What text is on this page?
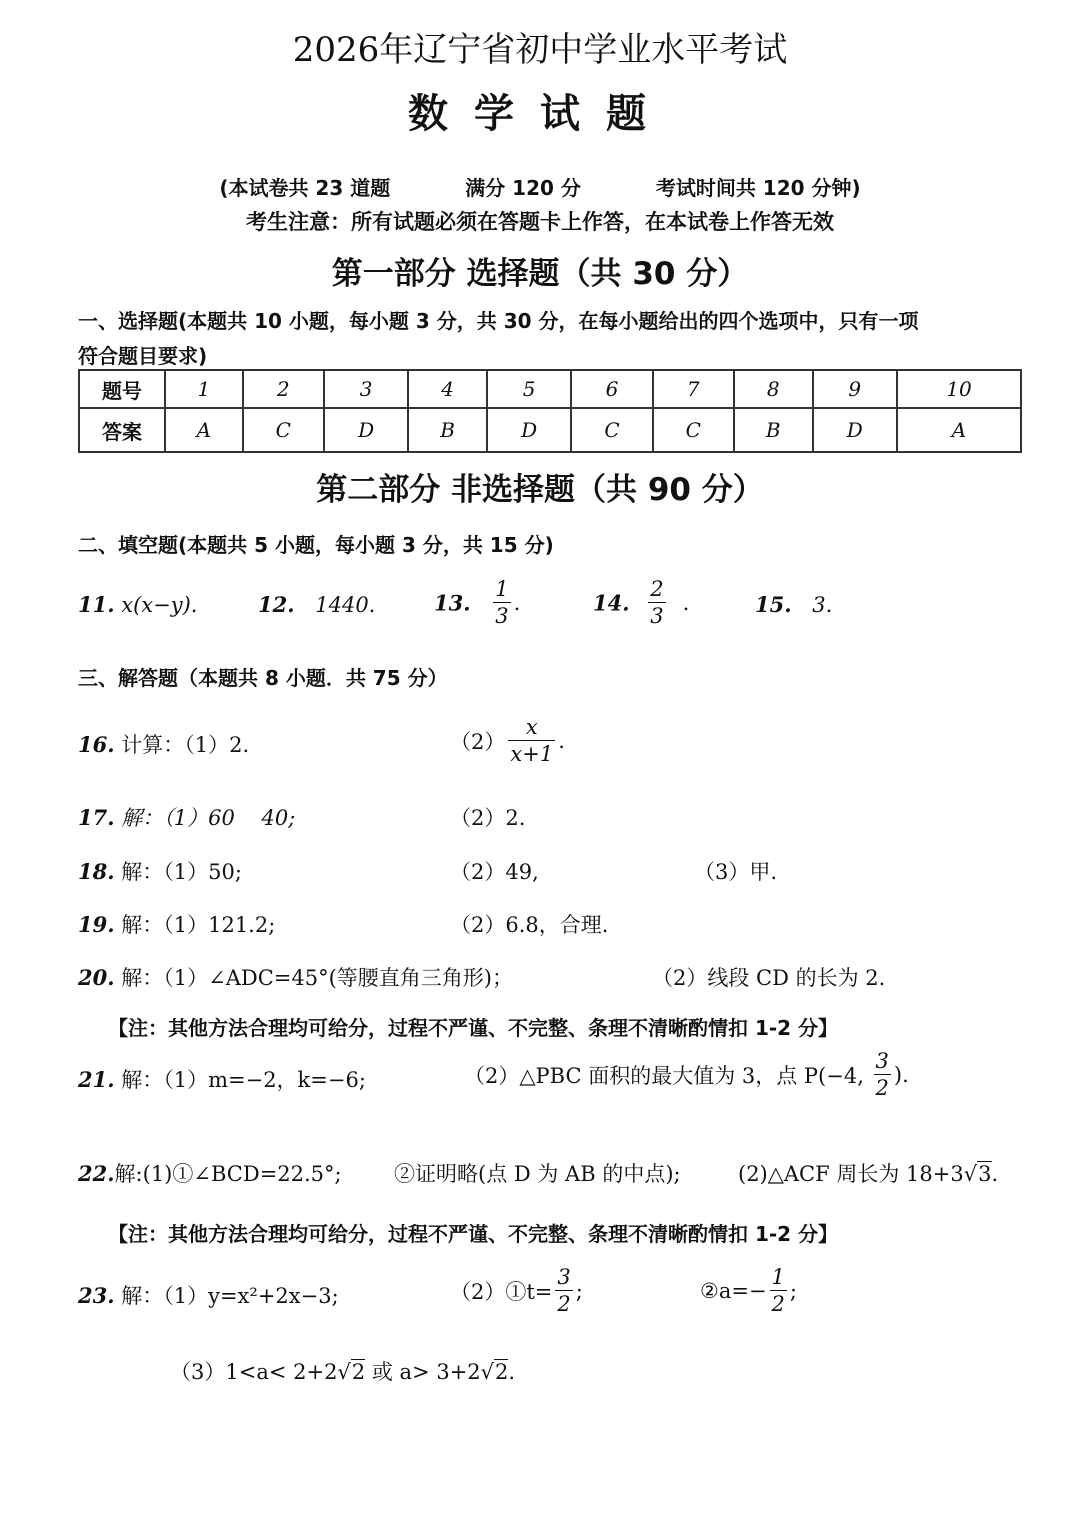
2026年辽宁省初中学业水平考试
数学试题
(本试卷共 23 道题	满分 120 分	考试时间共 120 分钟)
考生注意：所有试题必须在答题卡上作答，在本试卷上作答无效
第一部分 选择题（共 30 分）
一、选择题(本题共 10 小题，每小题 3 分，共 30 分，在每小题给出的四个选项中，只有一项
符合题目要求)
题号	1	2	3	4	5	6	7	8	9	10
答案	A	C	D	B	D	C	C	B	D	A
第二部分 非选择题（共 90 分）
二、填空题(本题共 5 小题，每小题 3 分，共 15 分)
11. x(x−y).	12. 1440.	13. $\frac{1}{3}$ .	14. $\frac{2}{3}$ .	15. 3.
三、解答题（本题共 8 小题．共 75 分）
16. 计算：（1）2.	$(2) \frac{x}{x+1}$ .
17. 解：（1）60    40;	（2）2.
18. 解：（1）50;	（2）49,	（3）甲.
19. 解：（1）121.2;	（2）6.8，合理.
20. 解：（1）∠ADC=45°(等腰直角三角形)；	（2）线段 CD 的长为 2.
【注：其他方法合理均可给分，过程不严谨、不完整、条理不清晰酌情扣 1-2 分】
21. 解：（1）m=−2，k=−6;	（2）△PBC 面积的最大值为 3，点 P(−4, $\frac{3}{2}$ ).
22.解:(1)①∠BCD=22.5°; ②证明略(点 D 为 AB 的中点);	(2)△ACF 周长为 18+3√3.
【注：其他方法合理均可给分，过程不严谨、不完整、条理不清晰酌情扣 1-2 分】
23. 解：（1）y=x²+2x−3;	（2）①t= $\frac{3}{2}$ ;	②a=− $\frac{1}{2}$ ;
（3）1<a< 2+2√2 或 a> 3+2√2.
